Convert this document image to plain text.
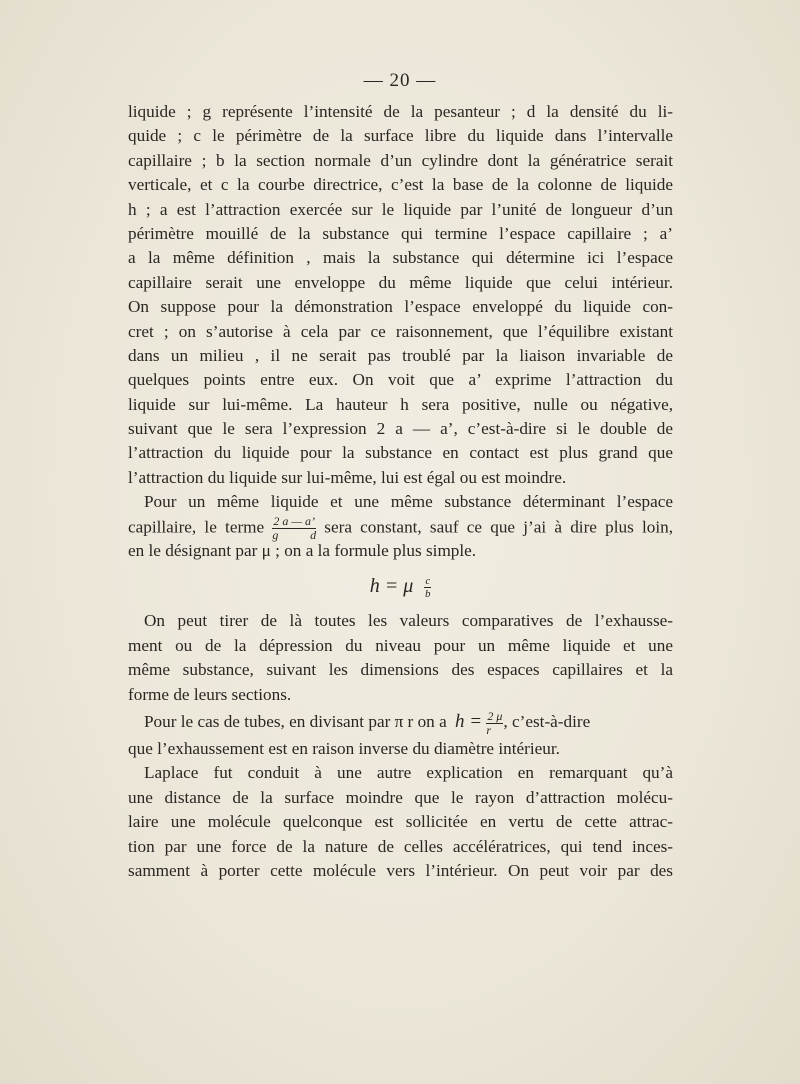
— 20 —
liquide ; g représente l’intensité de la pesanteur ; d la densité du li-
quide ; c le périmètre de la surface libre du liquide dans l’intervalle
capillaire ; b la section normale d’un cylindre dont la génératrice serait
verticale, et c la courbe directrice, c’est la base de la colonne de liquide
h ; a est l’attraction exercée sur le liquide par l’unité de longueur d’un
périmètre mouillé de la substance qui termine l’espace capillaire ; a’
a la même définition , mais la substance qui détermine ici l’espace
capillaire serait une enveloppe du même liquide que celui intérieur.
On suppose pour la démonstration l’espace enveloppé du liquide con-
cret ; on s’autorise à cela par ce raisonnement, que l’équilibre existant
dans un milieu , il ne serait pas troublé par la liaison invariable de
quelques points entre eux. On voit que a’ exprime l’attraction du
liquide sur lui-même. La hauteur h sera positive, nulle ou négative,
suivant que le sera l’expression 2 a — a’, c’est-à-dire si le double de
l’attraction du liquide pour la substance en contact est plus grand que
l’attraction du liquide sur lui-même, lui est égal ou est moindre.
Pour un même liquide et une même substance déterminant l’espace
capillaire, le terme $\frac{2 a — a’}{\text{g d}}$ sera constant, sauf ce que j’ai à dire plus loin,
en le désignant par μ ; on a la formule plus simple.
h = μ $\frac{c}{b}$
On peut tirer de là toutes les valeurs comparatives de l’exhausse-
ment ou de la dépression du niveau pour un même liquide et une
même substance, suivant les dimensions des espaces capillaires et la
forme de leurs sections.
Pour le cas de tubes, en divisant par π r on a $h = \frac{2 \mu}{r}$ , c’est-à-dire
que l’exhaussement est en raison inverse du diamètre intérieur.
Laplace fut conduit à une autre explication en remarquant qu’à
une distance de la surface moindre que le rayon d’attraction molécu-
laire une molécule quelconque est sollicitée en vertu de cette attrac-
tion par une force de la nature de celles accélératrices, qui tend inces-
samment à porter cette molécule vers l’intérieur. On peut voir par des
